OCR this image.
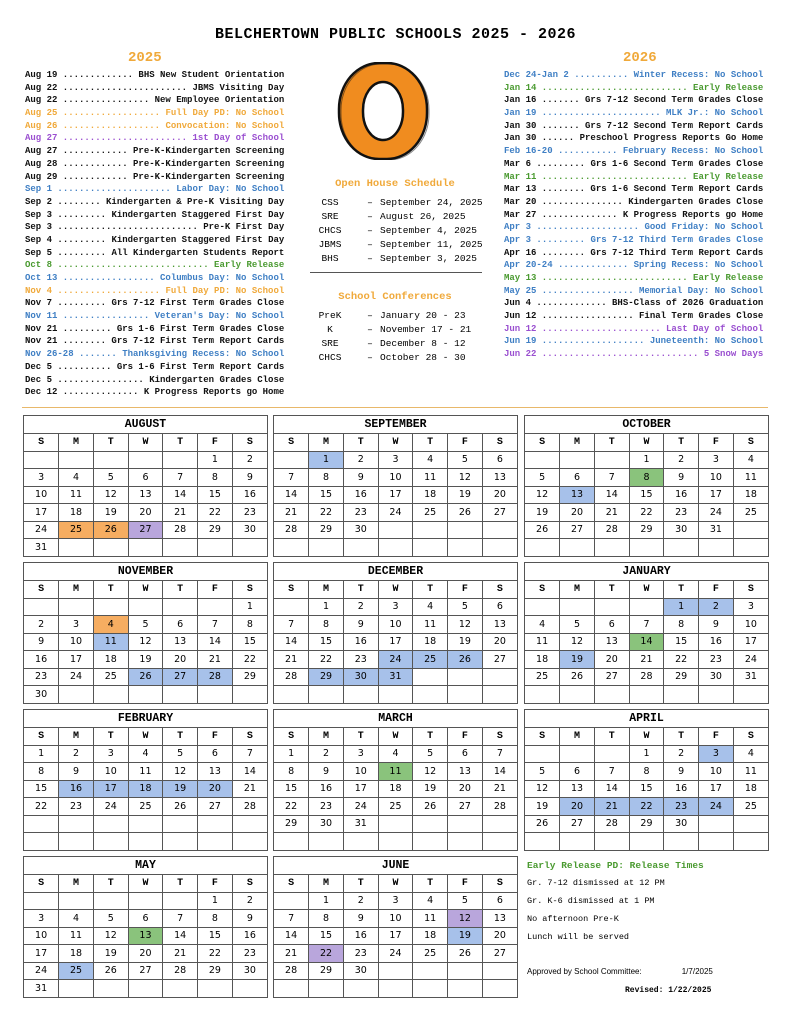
BELCHERTOWN PUBLIC SCHOOLS 2025 - 2026
2025	2026
Aug 19 ............. BHS New Student Orientation
Aug 22 ....................... JBMS Visiting Day
Aug 22 ................ New Employee Orientation
Aug 25 .................. Full Day PD: No School
Aug 26 .................. Convocation: No School
Aug 27 ....................... 1st Day of School
Aug 27 ............ Pre-K-Kindergarten Screening
Aug 28 ............ Pre-K-Kindergarten Screening
Aug 29 ............ Pre-K-Kindergarten Screening
Sep 1 ..................... Labor Day: No School
Sep 2 ........ Kindergarten & Pre-K Visiting Day
Sep 3 ......... Kindergarten Staggered First Day
Sep 3 .......................... Pre-K First Day
Sep 4 ......... Kindergarten Staggered First Day
Sep 5 ......... All Kindergarten Students Report
Oct 8 ............................ Early Release
Oct 13 ................. Columbus Day: No School
Nov 4 ................... Full Day PD: No School
Nov 7 ......... Grs 7-12 First Term Grades Close
Nov 11 ................ Veteran's Day: No School
Nov 21 ......... Grs 1-6 First Term Grades Close
Nov 21 ........ Grs 7-12 First Term Report Cards
Nov 26-28 ....... Thanksgiving Recess: No School
Dec 5 .......... Grs 1-6 First Term Report Cards
Dec 5 ................ Kindergarten Grades Close
Dec 12 .............. K Progress Reports go Home
Dec 24-Jan 2 .......... Winter Recess: No School
Jan 14 ........................... Early Release
Jan 16 ....... Grs 7-12 Second Term Grades Close
Jan 19 ...................... MLK Jr.: No School
Jan 30 ....... Grs 7-12 Second Term Report Cards
Jan 30 ...... Preschool Progress Reports Go Home
Feb 16-20 ........... February Recess: No School
Mar 6 ......... Grs 1-6 Second Term Grades Close
Mar 11 ........................... Early Release
Mar 13 ........ Grs 1-6 Second Term Report Cards
Mar 20 ............... Kindergarten Grades Close
Mar 27 .............. K Progress Reports go Home
Apr 3 ................... Good Friday: No School
Apr 3 ......... Grs 7-12 Third Term Grades Close
Apr 16 ........ Grs 7-12 Third Term Report Cards
Apr 20-24 ............. Spring Recess: No School
May 13 ........................... Early Release
May 25 ................. Memorial Day: No School
Jun 4 ............. BHS-Class of 2026 Graduation
Jun 12 ................. Final Term Grades Close
Jun 12 ...................... Last Day of School
Jun 19 ................... Juneteenth: No School
Jun 22 ............................. 5 Snow Days
Open House Schedule
CSS	– September 24, 2025
SRE	– August 26, 2025
CHCS	– September 4, 2025
JBMS	– September 11, 2025
BHS	– September 3, 2025
School Conferences
PreK	– January 20 - 23
K	– November 17 - 21
SRE	– December 8 - 12
CHCS	– October 28 - 30
AUGUST
S	M	T	W	T	F	S
					1	2
3	4	5	6	7	8	9
10	11	12	13	14	15	16
17	18	19	20	21	22	23
24	25	26	27	28	29	30
31						
SEPTEMBER
S	M	T	W	T	F	S
	1	2	3	4	5	6
7	8	9	10	11	12	13
14	15	16	17	18	19	20
21	22	23	24	25	26	27
28	29	30				

OCTOBER
S	M	T	W	T	F	S
			1	2	3	4
5	6	7	8	9	10	11
12	13	14	15	16	17	18
19	20	21	22	23	24	25
26	27	28	29	30	31	

NOVEMBER
S	M	T	W	T	F	S
						1
2	3	4	5	6	7	8
9	10	11	12	13	14	15
16	17	18	19	20	21	22
23	24	25	26	27	28	29
30						
DECEMBER
S	M	T	W	T	F	S
	1	2	3	4	5	6
7	8	9	10	11	12	13
14	15	16	17	18	19	20
21	22	23	24	25	26	27
28	29	30	31			

JANUARY
S	M	T	W	T	F	S
				1	2	3
4	5	6	7	8	9	10
11	12	13	14	15	16	17
18	19	20	21	22	23	24
25	26	27	28	29	30	31

FEBRUARY
S	M	T	W	T	F	S
1	2	3	4	5	6	7
8	9	10	11	12	13	14
15	16	17	18	19	20	21
22	23	24	25	26	27	28

MARCH
S	M	T	W	T	F	S
1	2	3	4	5	6	7
8	9	10	11	12	13	14
15	16	17	18	19	20	21
22	23	24	25	26	27	28
29	30	31				

APRIL
S	M	T	W	T	F	S
			1	2	3	4
5	6	7	8	9	10	11
12	13	14	15	16	17	18
19	20	21	22	23	24	25
26	27	28	29	30		

MAY
S	M	T	W	T	F	S
					1	2
3	4	5	6	7	8	9
10	11	12	13	14	15	16
17	18	19	20	21	22	23
24	25	26	27	28	29	30
31						
JUNE
S	M	T	W	T	F	S
	1	2	3	4	5	6
7	8	9	10	11	12	13
14	15	16	17	18	19	20
21	22	23	24	25	26	27
28	29	30				

Early Release PD: Release Times
Gr. 7-12 dismissed at 12 PM
Gr. K-6 dismissed at 1 PM
No afternoon Pre-K
Lunch will be served
Approved by School Committee:	1/7/2025
Revised: 1/22/2025
